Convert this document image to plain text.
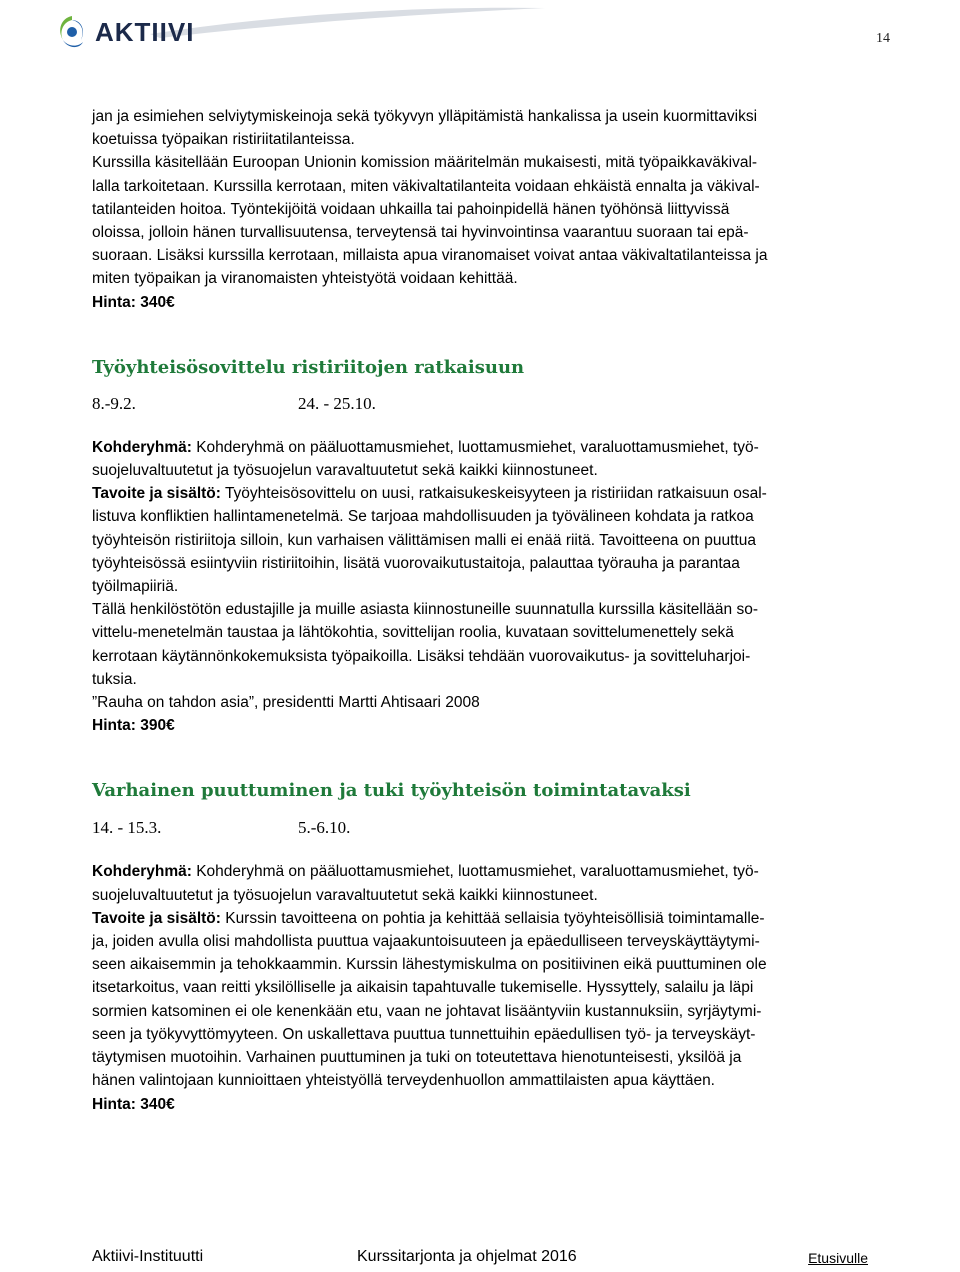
AKTIIVI	14

jan ja esimiehen selviytymiskeinoja sekä työkyvyn ylläpitämistä hankalissa ja usein kuormittaviksi

koetuissa työpaikan ristiriitatilanteissa.

Kurssilla käsitellään Euroopan Unionin komission määritelmän mukaisesti, mitä työpaikkaväkival-

lalla tarkoitetaan. Kurssilla kerrotaan, miten väkivaltatilanteita voidaan ehkäistä ennalta ja väkival-

tatilanteiden hoitoa. Työntekijöitä voidaan uhkailla tai pahoinpidellä hänen työhönsä liittyvissä

oloissa, jolloin hänen turvallisuutensa, terveytensä tai hyvinvointinsa vaarantuu suoraan tai epä-

suoraan. Lisäksi kurssilla kerrotaan, millaista apua viranomaiset voivat antaa väkivaltatilanteissa ja

miten työpaikan ja viranomaisten yhteistyötä voidaan kehittää.

Hinta: 340€

Työyhteisösovittelu ristiriitojen ratkaisuun
8.-9.2.	24. - 25.10.

Kohderyhmä: Kohderyhmä on pääluottamusmiehet, luottamusmiehet, varaluottamusmiehet, työ-

suojeluvaltuutetut ja työsuojelun varavaltuutetut sekä kaikki kiinnostuneet.

Tavoite ja sisältö: Työyhteisösovittelu on uusi, ratkaisukeskeisyyteen ja ristiriidan ratkaisuun osal-

listuva konfliktien hallintamenetelmä. Se tarjoaa mahdollisuuden ja työvälineen kohdata ja ratkoa

työyhteisön ristiriitoja silloin, kun varhaisen välittämisen malli ei enää riitä. Tavoitteena on puuttua

työyhteisössä esiintyviin ristiriitoihin, lisätä vuorovaikutustaitoja, palauttaa työrauha ja parantaa

työilmapiiriä.

Tällä henkilöstötön edustajille ja muille asiasta kiinnostuneille suunnatulla kurssilla käsitellään so-

vittelu-menetelmän taustaa ja lähtökohtia, sovittelijan roolia, kuvataan sovittelumenettely sekä

kerrotaan käytännönkokemuksista työpaikoilla. Lisäksi tehdään vuorovaikutus- ja sovitteluharjoi-

tuksia.

”Rauha on tahdon asia”, presidentti Martti Ahtisaari 2008

Hinta: 390€

Varhainen puuttuminen ja tuki työyhteisön toimintatavaksi
14. - 15.3.	5.-6.10.

Kohderyhmä: Kohderyhmä on pääluottamusmiehet, luottamusmiehet, varaluottamusmiehet, työ-

suojeluvaltuutetut ja työsuojelun varavaltuutetut sekä kaikki kiinnostuneet.

Tavoite ja sisältö: Kurssin tavoitteena on pohtia ja kehittää sellaisia työyhteisöllisiä toimintamalle-

ja, joiden avulla olisi mahdollista puuttua vajaakuntoisuuteen ja epäedulliseen terveyskäyttäytymi-

seen aikaisemmin ja tehokkaammin. Kurssin lähestymiskulma on positiivinen eikä puuttuminen ole

itsetarkoitus, vaan reitti yksilölliselle ja aikaisin tapahtuvalle tukemiselle. Hyssyttely, salailu ja läpi

sormien katsominen ei ole kenenkään etu, vaan ne johtavat lisääntyviin kustannuksiin, syrjäytymi-

seen ja työkyvyttömyyteen. On uskallettava puuttua tunnettuihin epäedullisen työ- ja terveyskäyt-

täytymisen muotoihin. Varhainen puuttuminen ja tuki on toteutettava hienotunteisesti, yksilöä ja

hänen valintojaan kunnioittaen yhteistyöllä terveydenhuollon ammattilaisten apua käyttäen.

Hinta: 340€

Aktiivi-Instituutti	Kurssitarjonta ja ohjelmat 2016	Etusivulle
